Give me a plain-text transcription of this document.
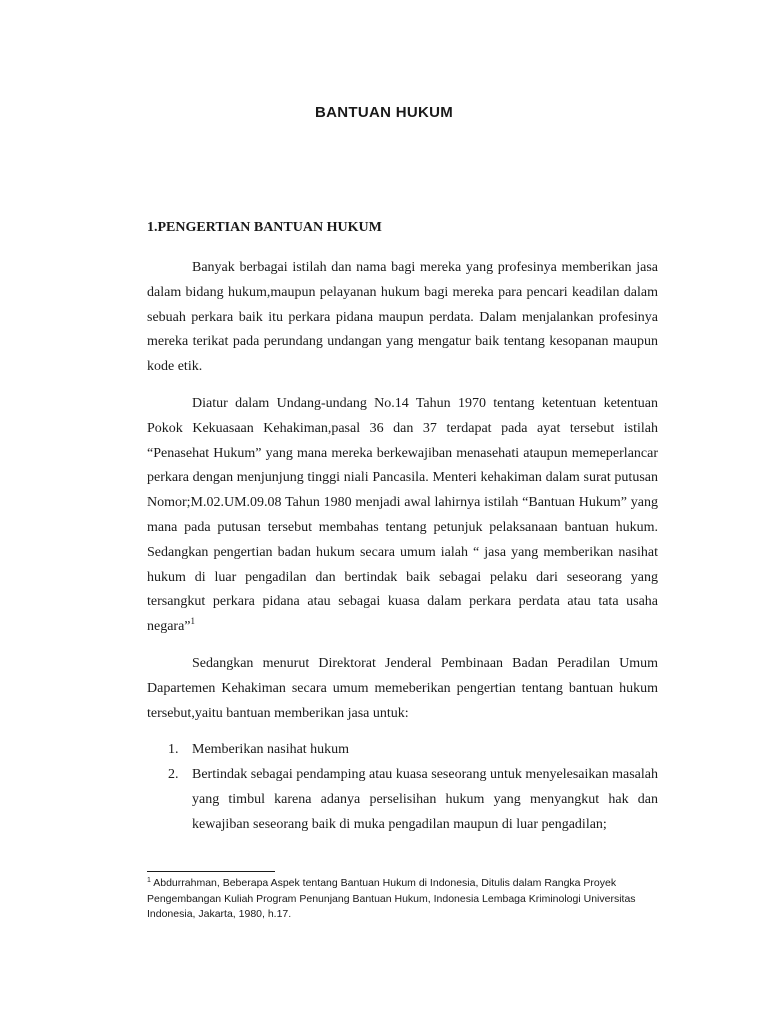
BANTUAN HUKUM
1.PENGERTIAN BANTUAN HUKUM

Banyak berbagai istilah dan nama bagi mereka yang profesinya memberikan jasa dalam bidang hukum,maupun pelayanan hukum bagi mereka para pencari keadilan dalam sebuah perkara baik itu perkara pidana maupun perdata. Dalam menjalankan profesinya mereka terikat pada perundang undangan yang mengatur baik tentang kesopanan maupun kode etik.

Diatur dalam Undang-undang No.14 Tahun 1970 tentang ketentuan ketentuan Pokok Kekuasaan Kehakiman,pasal 36 dan 37 terdapat pada ayat tersebut istilah “Penasehat Hukum” yang mana mereka berkewajiban menasehati ataupun memeperlancar perkara dengan menjunjung tinggi niali Pancasila. Menteri kehakiman dalam surat putusan Nomor;M.02.UM.09.08 Tahun 1980 menjadi awal lahirnya istilah “Bantuan Hukum” yang mana pada putusan tersebut membahas tentang petunjuk pelaksanaan bantuan hukum. Sedangkan pengertian badan hukum secara umum ialah “ jasa yang memberikan nasihat hukum di luar pengadilan dan bertindak baik sebagai pelaku dari seseorang yang tersangkut perkara pidana atau sebagai kuasa dalam perkara perdata atau tata usaha negara”$^1$

Sedangkan menurut Direktorat Jenderal Pembinaan Badan Peradilan Umum Dapartemen Kehakiman secara umum memeberikan pengertian tentang bantuan hukum tersebut,yaitu bantuan memberikan jasa untuk:

1. Memberikan nasihat hukum
2. Bertindak sebagai pendamping atau kuasa seseorang untuk menyelesaikan masalah yang timbul karena adanya perselisihan hukum yang menyangkut hak dan kewajiban seseorang baik di muka pengadilan maupun di luar pengadilan;
$^1$ Abdurrahman, Beberapa Aspek tentang Bantuan Hukum di Indonesia, Ditulis dalam Rangka Proyek Pengembangan Kuliah Program Penunjang Bantuan Hukum, Indonesia Lembaga Kriminologi Universitas Indonesia, Jakarta, 1980, h.17.
